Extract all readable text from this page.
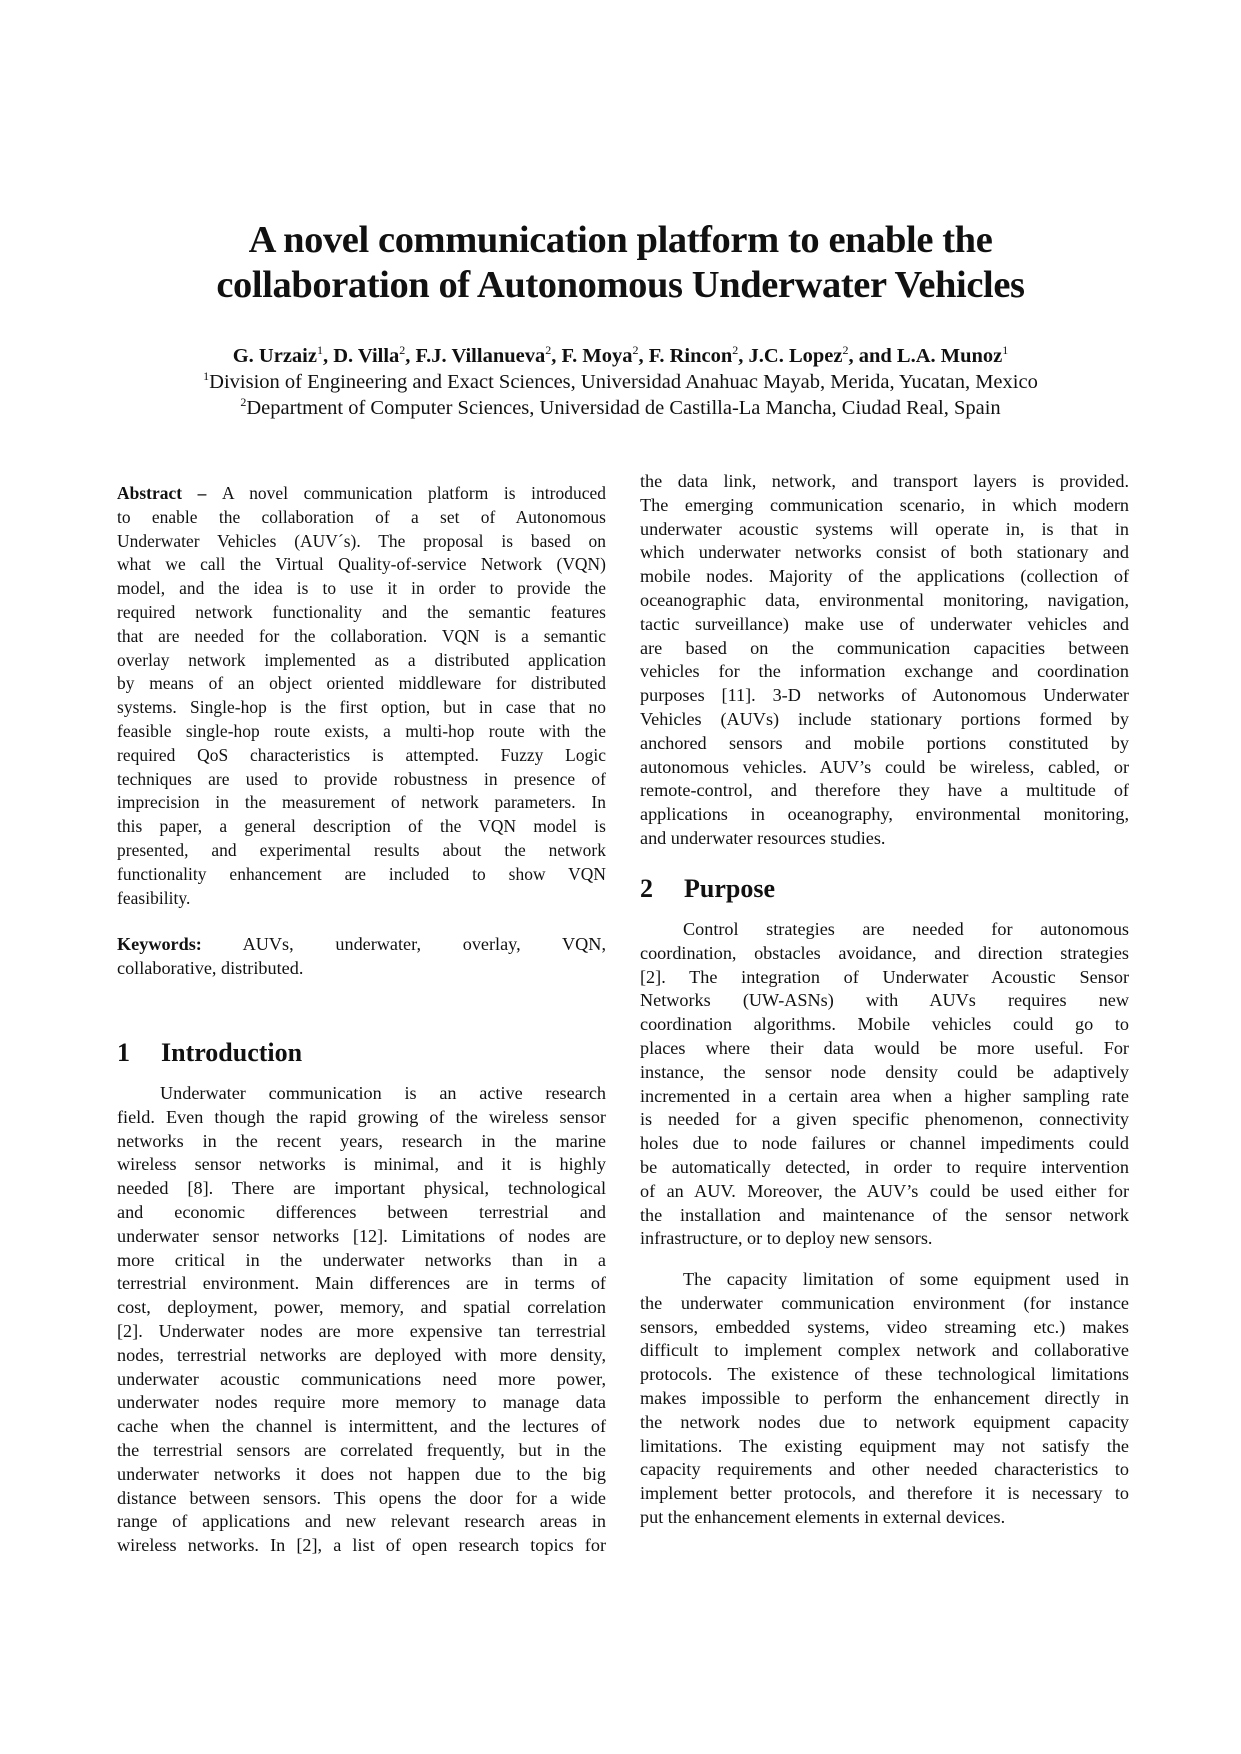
A novel communication platform to enable the
collaboration of Autonomous Underwater Vehicles
G. Urzaiz$^1$, D. Villa$^2$, F.J. Villanueva$^2$, F. Moya$^2$, F. Rincon$^2$, J.C. Lopez$^2$, and L.A. Munoz$^1$
$^1$Division of Engineering and Exact Sciences, Universidad Anahuac Mayab, Merida, Yucatan, Mexico
$^2$Department of Computer Sciences, Universidad de Castilla-La Mancha, Ciudad Real, Spain
Abstract – A novel communication platform is introduced
to enable the collaboration of a set of Autonomous
Underwater Vehicles (AUV´s). The proposal is based on
what we call the Virtual Quality-of-service Network (VQN)
model, and the idea is to use it in order to provide the
required network functionality and the semantic features
that are needed for the collaboration. VQN is a semantic
overlay network implemented as a distributed application
by means of an object oriented middleware for distributed
systems. Single-hop is the first option, but in case that no
feasible single-hop route exists, a multi-hop route with the
required QoS characteristics is attempted. Fuzzy Logic
techniques are used to provide robustness in presence of
imprecision in the measurement of network parameters. In
this paper, a general description of the VQN model is
presented, and experimental results about the network
functionality enhancement are included to show VQN
feasibility.
Keywords: AUVs, underwater, overlay, VQN,
collaborative, distributed.
1 Introduction
Underwater communication is an active research
field. Even though the rapid growing of the wireless sensor
networks in the recent years, research in the marine
wireless sensor networks is minimal, and it is highly
needed [8]. There are important physical, technological
and economic differences between terrestrial and
underwater sensor networks [12]. Limitations of nodes are
more critical in the underwater networks than in a
terrestrial environment. Main differences are in terms of
cost, deployment, power, memory, and spatial correlation
[2]. Underwater nodes are more expensive tan terrestrial
nodes, terrestrial networks are deployed with more density,
underwater acoustic communications need more power,
underwater nodes require more memory to manage data
cache when the channel is intermittent, and the lectures of
the terrestrial sensors are correlated frequently, but in the
underwater networks it does not happen due to the big
distance between sensors. This opens the door for a wide
range of applications and new relevant research areas in
wireless networks. In [2], a list of open research topics for
the data link, network, and transport layers is provided.
The emerging communication scenario, in which modern
underwater acoustic systems will operate in, is that in
which underwater networks consist of both stationary and
mobile nodes. Majority of the applications (collection of
oceanographic data, environmental monitoring, navigation,
tactic surveillance) make use of underwater vehicles and
are based on the communication capacities between
vehicles for the information exchange and coordination
purposes [11]. 3-D networks of Autonomous Underwater
Vehicles (AUVs) include stationary portions formed by
anchored sensors and mobile portions constituted by
autonomous vehicles. AUV’s could be wireless, cabled, or
remote-control, and therefore they have a multitude of
applications in oceanography, environmental monitoring,
and underwater resources studies.
2 Purpose
Control strategies are needed for autonomous
coordination, obstacles avoidance, and direction strategies
[2]. The integration of Underwater Acoustic Sensor
Networks (UW-ASNs) with AUVs requires new
coordination algorithms. Mobile vehicles could go to
places where their data would be more useful. For
instance, the sensor node density could be adaptively
incremented in a certain area when a higher sampling rate
is needed for a given specific phenomenon, connectivity
holes due to node failures or channel impediments could
be automatically detected, in order to require intervention
of an AUV. Moreover, the AUV’s could be used either for
the installation and maintenance of the sensor network
infrastructure, or to deploy new sensors.
The capacity limitation of some equipment used in
the underwater communication environment (for instance
sensors, embedded systems, video streaming etc.) makes
difficult to implement complex network and collaborative
protocols. The existence of these technological limitations
makes impossible to perform the enhancement directly in
the network nodes due to network equipment capacity
limitations. The existing equipment may not satisfy the
capacity requirements and other needed characteristics to
implement better protocols, and therefore it is necessary to
put the enhancement elements in external devices.
